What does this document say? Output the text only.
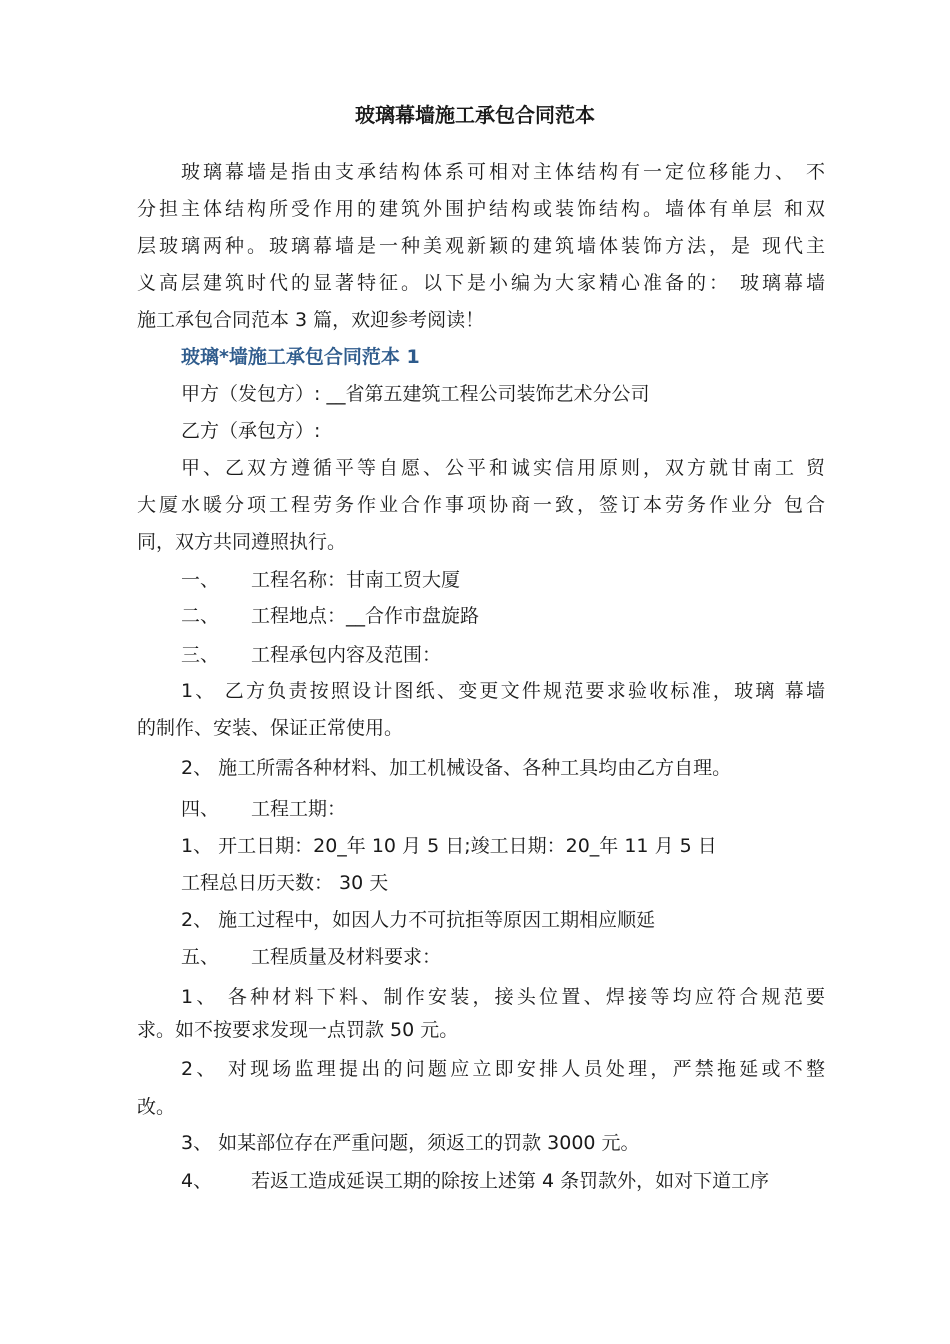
玻璃幕墙施工承包合同范本
玻璃幕墙是指由支承结构体系可相对主体结构有一定位移能力、 不
分担主体结构所受作用的建筑外围护结构或装饰结构。墙体有单层 和双
层玻璃两种。玻璃幕墙是一种美观新颖的建筑墙体装饰方法，是 现代主
义高层建筑时代的显著特征。以下是小编为大家精心准备的： 玻璃幕墙
施工承包合同范本 3 篇，欢迎参考阅读！
玻璃*墙施工承包合同范本 1
甲方（发包方）: __省第五建筑工程公司装饰艺术分公司
乙方（承包方）:
甲、乙双方遵循平等自愿、公平和诚实信用原则，双方就甘南工 贸
大厦水暖分项工程劳务作业合作事项协商一致，签订本劳务作业分 包合
同，双方共同遵照执行。
一、 工程名称：甘南工贸大厦
二、 工程地点：__合作市盘旋路
三、 工程承包内容及范围：
1、 乙方负责按照设计图纸、变更文件规范要求验收标准，玻璃 幕墙
的制作、安装、保证正常使用。
2、 施工所需各种材料、加工机械设备、各种工具均由乙方自理。
四、 工程工期：
1、 开工日期：20_年 10 月 5 日;竣工日期：20_年 11 月 5 日
工程总日历天数： 30 天
2、 施工过程中，如因人力不可抗拒等原因工期相应顺延
五、 工程质量及材料要求：
1、 各种材料下料、制作安装，接头位置、焊接等均应符合规范要
求。如不按要求发现一点罚款 50 元。
2、 对现场监理提出的问题应立即安排人员处理，严禁拖延或不整
改。
3、 如某部位存在严重问题，须返工的罚款 3000 元。
4、 若返工造成延误工期的除按上述第 4 条罚款外，如对下道工序
